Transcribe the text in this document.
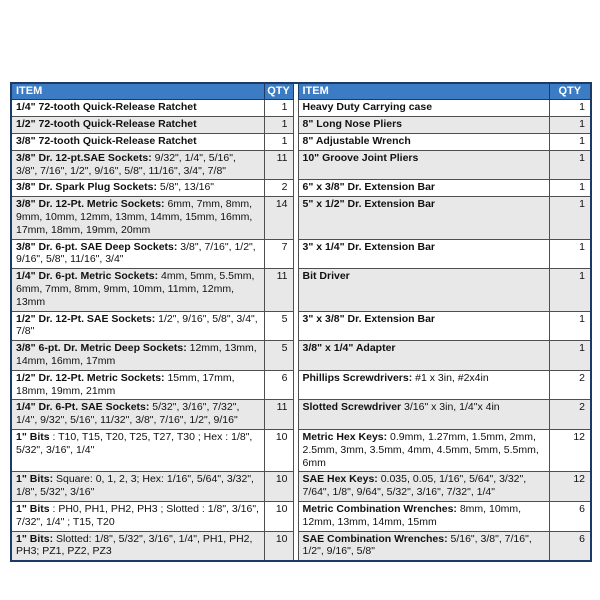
ITEM	QTY		ITEM	QTY
1/4" 72-tooth Quick-Release Ratchet	1		Heavy Duty Carrying case	1
1/2" 72-tooth Quick-Release Ratchet	1		8" Long Nose Pliers	1
3/8" 72-tooth Quick-Release Ratchet	1		8" Adjustable Wrench	1
3/8" Dr. 12-pt.SAE Sockets: 9/32", 1/4", 5/16", 3/8", 7/16", 1/2", 9/16", 5/8", 11/16", 3/4", 7/8"	11		10" Groove Joint Pliers	1
3/8" Dr. Spark Plug Sockets: 5/8", 13/16"	2		6" x 3/8" Dr. Extension Bar	1
3/8" Dr. 12-Pt. Metric Sockets: 6mm, 7mm, 8mm, 9mm, 10mm, 12mm, 13mm, 14mm, 15mm, 16mm, 17mm, 18mm, 19mm, 20mm	14		5" x 1/2" Dr. Extension Bar	1
3/8" Dr. 6-pt. SAE Deep Sockets: 3/8", 7/16", 1/2", 9/16", 5/8", 11/16", 3/4"	7		3" x 1/4" Dr. Extension Bar	1
1/4" Dr. 6-pt. Metric Sockets: 4mm, 5mm, 5.5mm, 6mm, 7mm, 8mm, 9mm, 10mm, 11mm, 12mm, 13mm	11		Bit Driver	1
1/2" Dr. 12-Pt. SAE Sockets: 1/2", 9/16", 5/8", 3/4", 7/8"	5		3" x 3/8" Dr. Extension Bar	1
3/8" 6-pt. Dr. Metric Deep Sockets: 12mm, 13mm, 14mm, 16mm, 17mm	5		3/8" x 1/4" Adapter	1
1/2" Dr. 12-Pt. Metric Sockets: 15mm, 17mm, 18mm, 19mm, 21mm	6		Phillips Screwdrivers: #1 x 3in, #2x4in	2
1/4" Dr. 6-Pt. SAE Sockets: 5/32", 3/16", 7/32", 1/4", 9/32", 5/16", 11/32", 3/8", 7/16", 1/2", 9/16"	11		Slotted Screwdriver 3/16" x 3in, 1/4"x 4in	2
1" Bits : T10, T15, T20, T25, T27, T30 ; Hex : 1/8", 5/32", 3/16", 1/4"	10		Metric Hex Keys: 0.9mm, 1.27mm, 1.5mm, 2mm, 2.5mm, 3mm, 3.5mm, 4mm, 4.5mm, 5mm, 5.5mm, 6mm	12
1" Bits: Square: 0, 1, 2, 3; Hex: 1/16", 5/64", 3/32", 1/8", 5/32", 3/16"	10		SAE Hex Keys: 0.035, 0.05, 1/16", 5/64", 3/32", 7/64", 1/8", 9/64", 5/32", 3/16", 7/32", 1/4"	12
1" Bits : PH0, PH1, PH2, PH3 ; Slotted : 1/8", 3/16", 7/32", 1/4" ; T15, T20	10		Metric Combination Wrenches: 8mm, 10mm, 12mm, 13mm, 14mm, 15mm	6
1" Bits: Slotted: 1/8", 5/32", 3/16", 1/4", PH1, PH2, PH3; PZ1, PZ2, PZ3	10		SAE Combination Wrenches: 5/16", 3/8", 7/16", 1/2", 9/16", 5/8"	6
